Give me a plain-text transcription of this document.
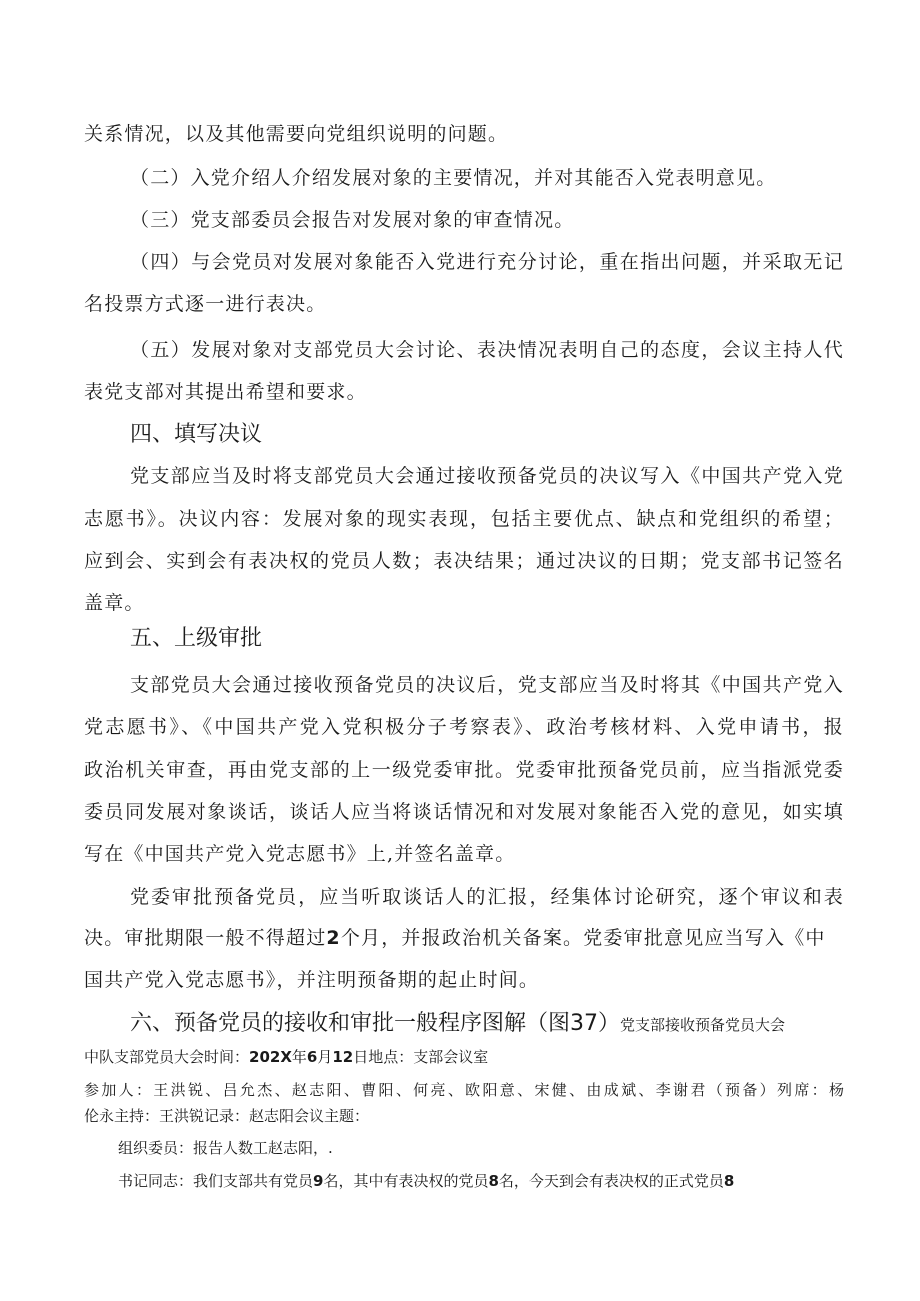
关系情况，以及其他需要向党组织说明的问题。
（二）入党介绍人介绍发展对象的主要情况，并对其能否入党表明意见。
（三）党支部委员会报告对发展对象的审查情况。
（四）与会党员对发展对象能否入党进行充分讨论，重在指出问题，并采取无记
名投票方式逐一进行表决。
（五）发展对象对支部党员大会讨论、表决情况表明自己的态度，会议主持人代
表党支部对其提出希望和要求。
四、填写决议
党支部应当及时将支部党员大会通过接收预备党员的决议写入《中国共产党入党
志愿书》。决议内容：发展对象的现实表现，包括主要优点、缺点和党组织的希望；
应到会、实到会有表决权的党员人数；表决结果；通过决议的日期；党支部书记签名
盖章。
五、上级审批
支部党员大会通过接收预备党员的决议后，党支部应当及时将其《中国共产党入
党志愿书》、《中国共产党入党积极分子考察表》、政治考核材料、入党申请书，报
政治机关审查，再由党支部的上一级党委审批。党委审批预备党员前，应当指派党委
委员同发展对象谈话，谈话人应当将谈话情况和对发展对象能否入党的意见，如实填
写在《中国共产党入党志愿书》上,并签名盖章。
党委审批预备党员，应当听取谈话人的汇报，经集体讨论研究，逐个审议和表
决。审批期限一般不得超过2个月，并报政治机关备案。党委审批意见应当写入《中
国共产党入党志愿书》，并注明预备期的起止时间。
六、预备党员的接收和审批一般程序图解（图37）党支部接收预备党员大会
中队支部党员大会时间：202X年6月12日地点：支部会议室
参加人：王洪锐、吕允杰、赵志阳、曹阳、何亮、欧阳意、宋健、由成斌、李谢君（预备）列席：杨
伦永主持：王洪锐记录：赵志阳会议主题：
组织委员：报告人数工赵志阳，.
书记同志：我们支部共有党员9名，其中有表决权的党员8名，今天到会有表决权的正式党员8
